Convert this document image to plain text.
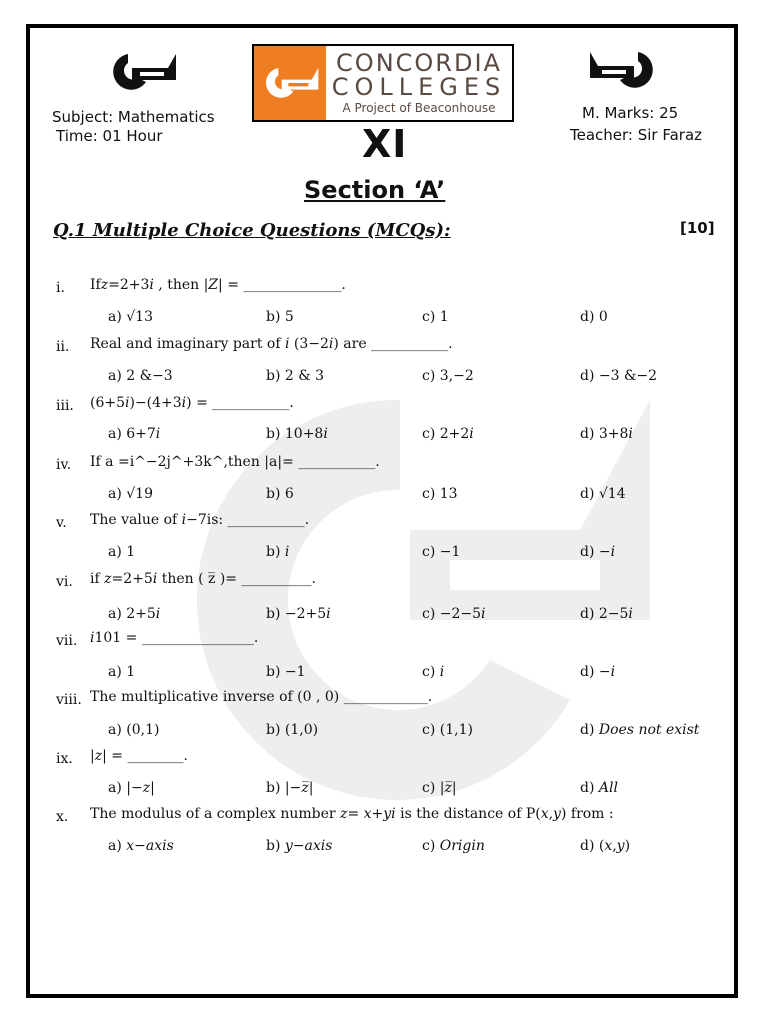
CONCORDIA
COLLEGES
A Project of Beaconhouse
Subject: Mathematics
Time: 01 Hour
M. Marks: 25
Teacher: Sir Faraz
XI
Section ‘A’
Q.1 Multiple Choice Questions (MCQs):	[10]
i. If𝑧=2+3𝑖 , then |𝑍| = ______________.
a) √13	b) 5	c) 1	d) 0
ii. Real and imaginary part of 𝑖 (3−2𝑖) are ___________.
a) 2 &−3	b) 2 & 3	c) 3,−2	d) −3 &−2
iii. (6+5𝑖)−(4+3𝑖) = ___________.
a) 6+7𝑖	b) 10+8𝑖	c) 2+2𝑖	d) 3+8𝑖
iv. If a =i^−2j^+3k^,then |a|= ___________.
a) √19	b) 6	c) 13	d) √14
v. The value of 𝑖−7is: ___________.
a) 1	b) 𝑖	c) −1	d) −𝑖
vi. if 𝑧=2+5𝑖 then ( z̅ )= __________.
a) 2+5𝑖	b) −2+5𝑖	c) −2−5𝑖	d) 2−5𝑖
vii. 𝑖101 = ________________.
a) 1	b) −1	c) 𝑖	d) −𝑖
viii. The multiplicative inverse of (0 , 0) ____________.
a) (0,1)	b) (1,0)	c) (1,1)	d) 𝐷𝑜𝑒𝑠 𝑛𝑜𝑡 𝑒𝑥𝑖𝑠𝑡
ix. |𝑧| = ________.
a) |−𝑧|	b) |−𝑧̅|	c) |𝑧̅|	d) 𝐴𝑙𝑙
x. The modulus of a complex number 𝑧= 𝑥+𝑦𝑖 is the distance of P(𝑥,𝑦) from :
a) 𝑥−𝑎𝑥𝑖𝑠	b) 𝑦−𝑎𝑥𝑖𝑠	c) 𝑂𝑟𝑖𝑔𝑖𝑛	d) (𝑥,𝑦)
